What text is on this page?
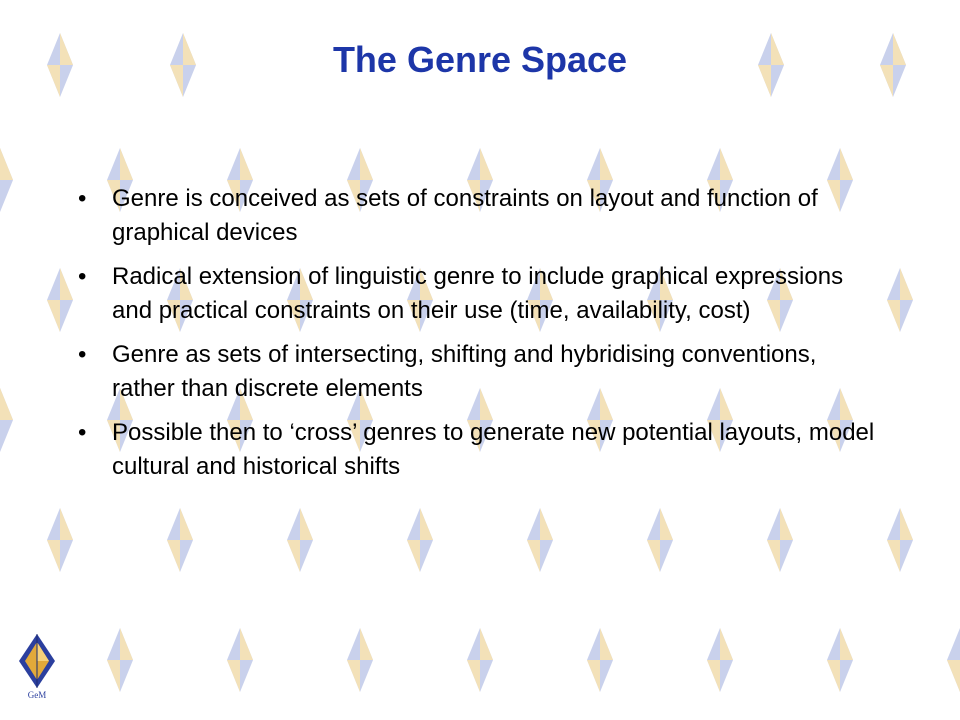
The Genre Space
• Genre is conceived as sets of constraints on layout and function of graphical devices
• Radical extension of linguistic genre to include graphical expressions and practical constraints on their use (time, availability, cost)
• Genre as sets of intersecting, shifting and hybridising conventions, rather than discrete elements
• Possible then to ‘cross’ genres to generate new potential layouts, model cultural and historical shifts
GeM
